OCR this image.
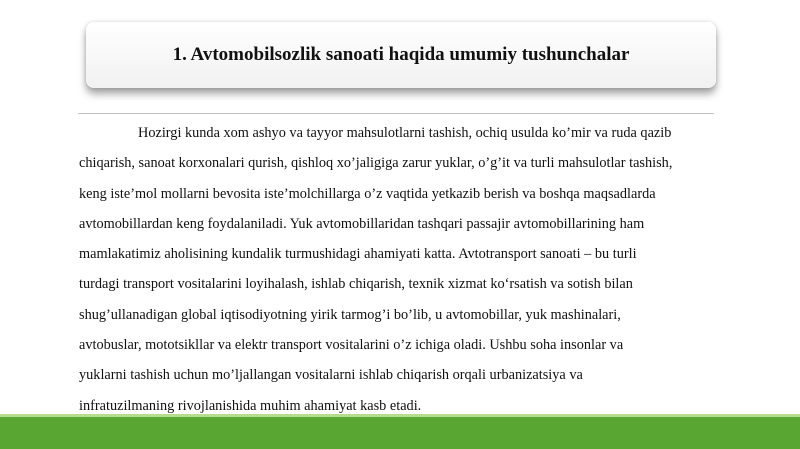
1. Avtomobilsozlik sanoati haqida umumiy tushunchalar

Hozirgi kunda xom ashyo va tayyor mahsulotlarni tashish, ochiq usulda ko’mir va ruda qazib
chiqarish, sanoat korxonalari qurish, qishloq xo’jaligiga zarur yuklar, o’g’it va turli mahsulotlar tashish,
keng iste’mol mollarni bevosita iste’molchillarga o’z vaqtida yetkazib berish va boshqa maqsadlarda
avtomobillardan keng foydalaniladi. Yuk avtomobillaridan tashqari passajir avtomobillarining ham
mamlakatimiz aholisining kundalik turmushidagi ahamiyati katta. Avtotransport sanoati – bu turli
turdagi transport vositalarini loyihalash, ishlab chiqarish, texnik xizmat ko‘rsatish va sotish bilan
shug’ullanadigan global iqtisodiyotning yirik tarmog’i bo’lib, u avtomobillar, yuk mashinalari,
avtobuslar, mototsikllar va elektr transport vositalarini o’z ichiga oladi. Ushbu soha insonlar va
yuklarni tashish uchun mo’ljallangan vositalarni ishlab chiqarish orqali urbanizatsiya va
infratuzilmaning rivojlanishida muhim ahamiyat kasb etadi.
